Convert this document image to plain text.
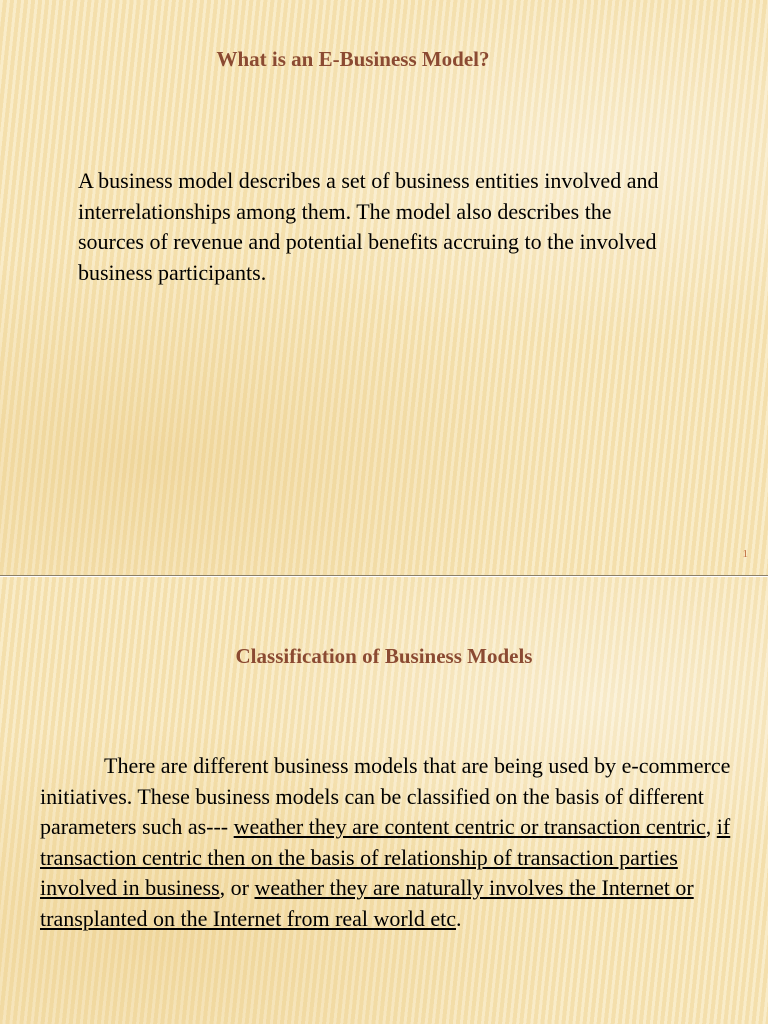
What is an E-Business Model?
A business model describes a set of business entities involved and interrelationships among them. The model also describes the sources of revenue and potential benefits accruing to the involved business participants.
1
Classification of Business Models
There are different business models that are being used by e-commerce initiatives. These business models can be classified on the basis of different parameters such as--- weather they are content centric or transaction centric, if transaction centric then on the basis of relationship of transaction parties involved in business, or weather they are naturally involves the Internet or transplanted on the Internet from real world etc.
